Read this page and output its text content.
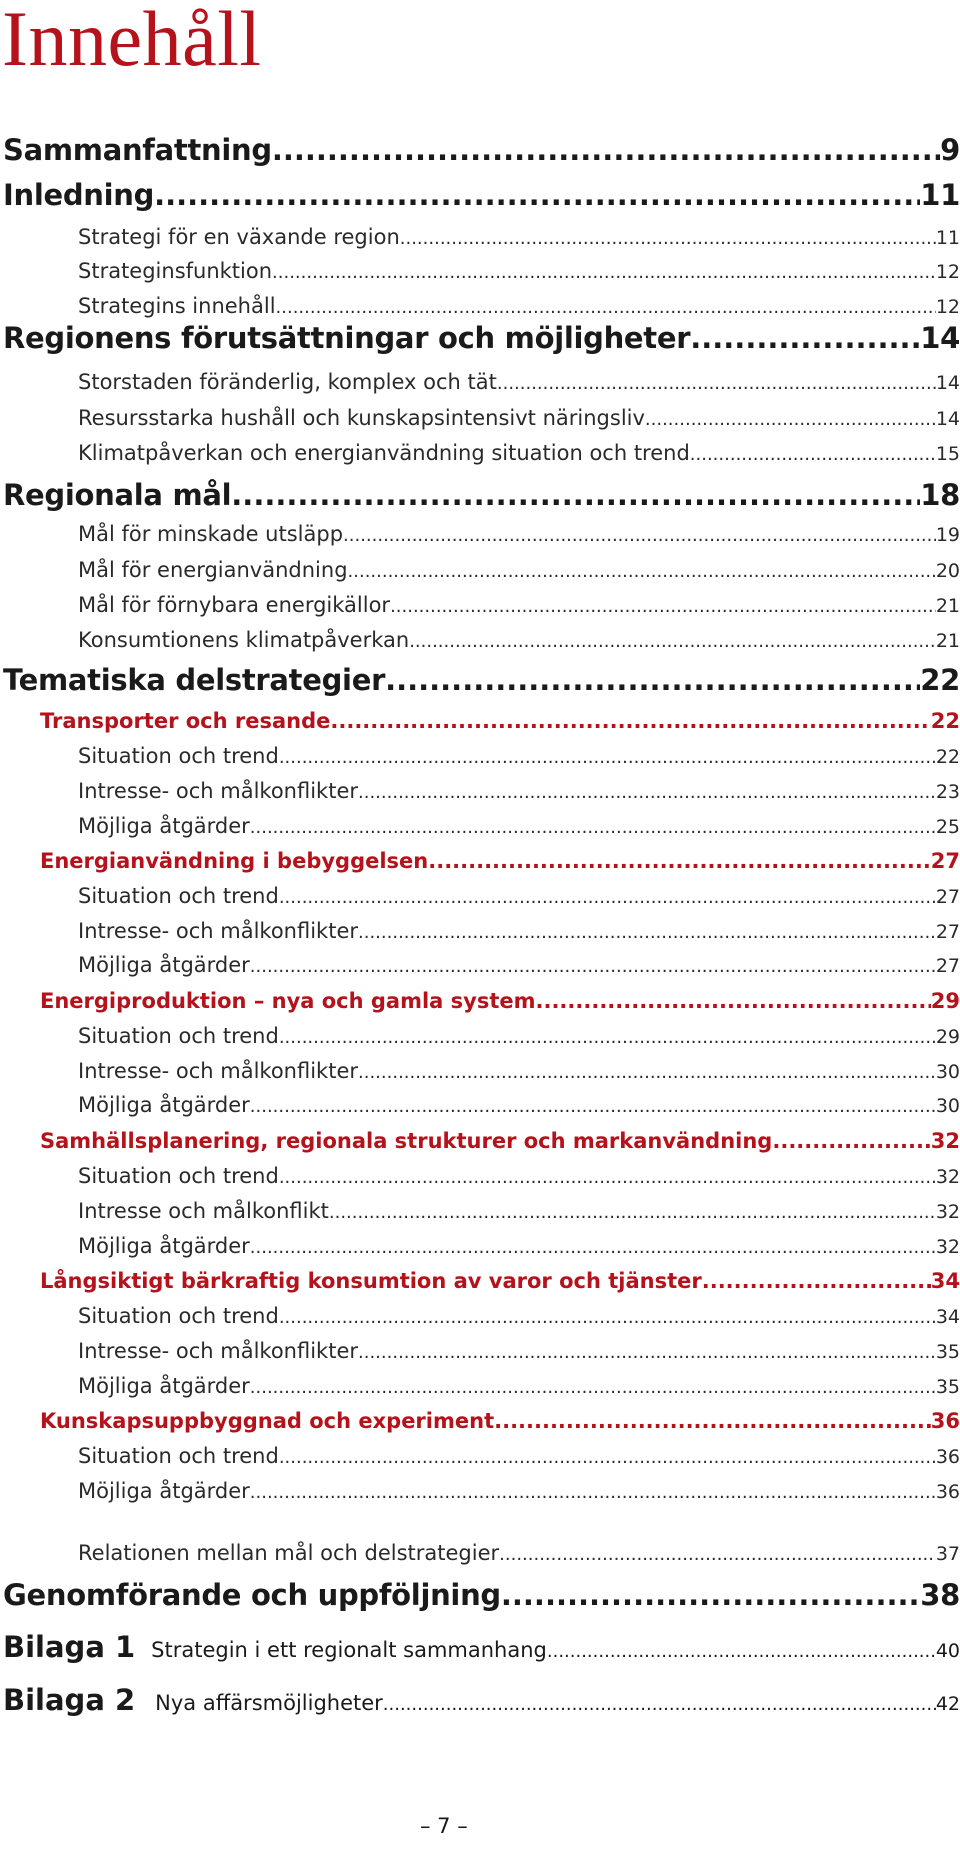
Innehåll
Sammanfattning .....	9
Inledning .....	11
Strategi för en växande region .....	11
Strateginsfunktion .....	12
Strategins innehåll .....	12
Regionens förutsättningar och möjligheter .....	14
Storstaden föränderlig, komplex och tät .....	14
Resursstarka hushåll och kunskapsintensivt näringsliv .....	14
Klimatpåverkan och energianvändning situation och trend .....	15
Regionala mål .....	18
Mål för minskade utsläpp .....	19
Mål för energianvändning .....	20
Mål för förnybara energikällor .....	21
Konsumtionens klimatpåverkan .....	21
Tematiska delstrategier .....	22
Transporter och resande .....	22
Situation och trend .....	22
Intresse- och målkonflikter .....	23
Möjliga åtgärder .....	25
Energianvändning i bebyggelsen .....	27
Situation och trend .....	27
Intresse- och målkonflikter .....	27
Möjliga åtgärder .....	27
Energiproduktion – nya och gamla system .....	29
Situation och trend .....	29
Intresse- och målkonflikter .....	30
Möjliga åtgärder .....	30
Samhällsplanering, regionala strukturer och markanvändning .....	32
Situation och trend .....	32
Intresse och målkonflikt .....	32
Möjliga åtgärder .....	32
Långsiktigt bärkraftig konsumtion av varor och tjänster .....	34
Situation och trend .....	34
Intresse- och målkonflikter .....	35
Möjliga åtgärder .....	35
Kunskapsuppbyggnad och experiment .....	36
Situation och trend .....	36
Möjliga åtgärder .....	36
Relationen mellan mål och delstrategier .....	37
Genomförande och uppföljning .....	38
Bilaga 1 Strategin i ett regionalt sammanhang .....	40
Bilaga 2 Nya affärsmöjligheter .....	42
– 7 –
